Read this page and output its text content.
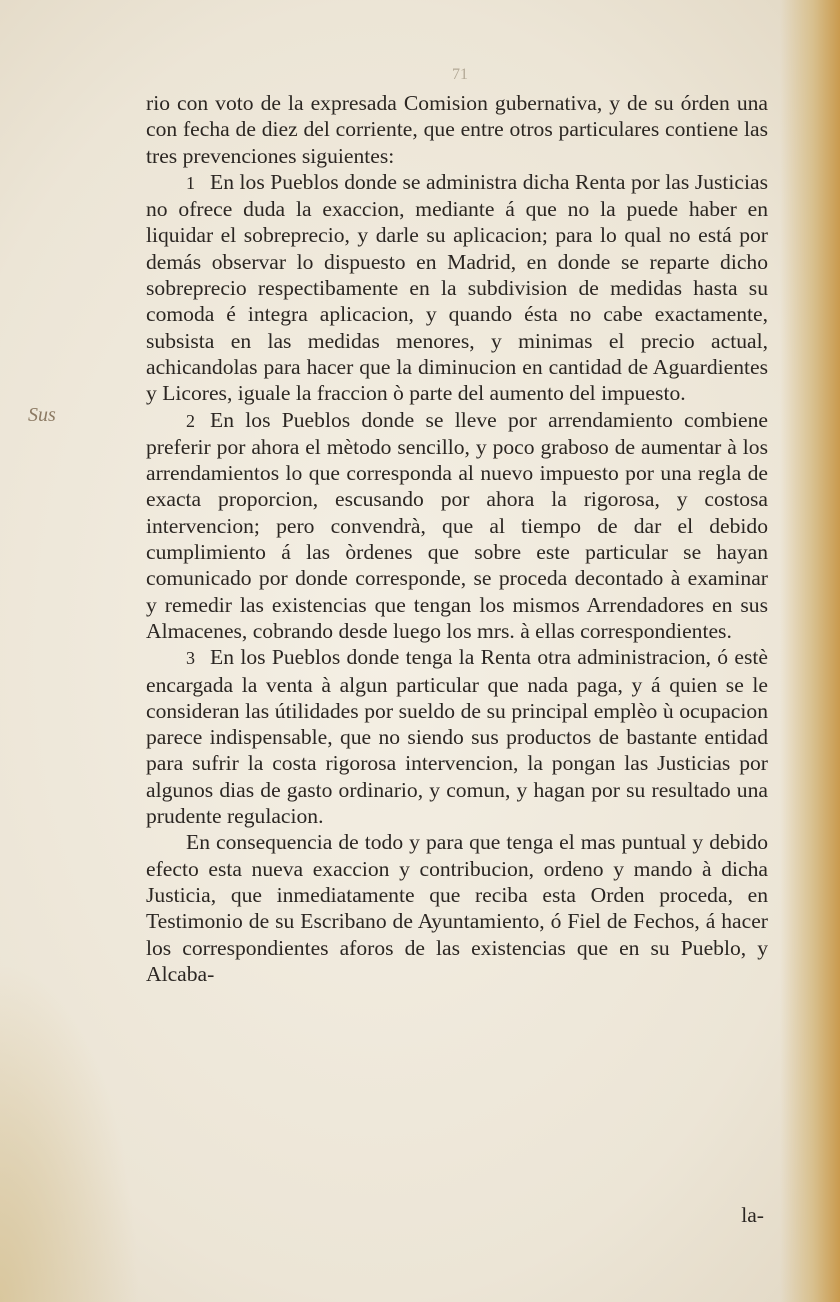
71
Sus

rio con voto de la expresada Comision gubernativa, y de su órden una con fecha de diez del corriente, que entre otros particulares contiene las tres prevenciones siguientes:

1 En los Pueblos donde se administra dicha Renta por las Justicias no ofrece duda la exaccion, mediante á que no la puede haber en liquidar el sobreprecio, y darle su aplicacion; para lo qual no está por demás observar lo dispuesto en Madrid, en donde se reparte dicho sobreprecio respectibamente en la subdivision de medidas hasta su comoda é integra aplicacion, y quando ésta no cabe exactamente, subsista en las medidas menores, y minimas el precio actual, achicandolas para hacer que la diminucion en cantidad de Aguardientes y Licores, iguale la fraccion ò parte del aumento del impuesto.

2 En los Pueblos donde se lleve por arrendamiento combiene preferir por ahora el mètodo sencillo, y poco graboso de aumentar à los arrendamientos lo que corresponda al nuevo impuesto por una regla de exacta proporcion, escusando por ahora la rigorosa, y costosa intervencion; pero convendrà, que al tiempo de dar el debido cumplimiento á las òrdenes que sobre este particular se hayan comunicado por donde corresponde, se proceda decontado à examinar y remedir las existencias que tengan los mismos Arrendadores en sus Almacenes, cobrando desde luego los mrs. à ellas correspondientes.

3 En los Pueblos donde tenga la Renta otra administracion, ó estè encargada la venta à algun particular que nada paga, y á quien se le consideran las útilidades por sueldo de su principal emplèo ù ocupacion parece indispensable, que no siendo sus productos de bastante entidad para sufrir la costa rigorosa intervencion, la pongan las Justicias por algunos dias de gasto ordinario, y comun, y hagan por su resultado una prudente regulacion.

En consequencia de todo y para que tenga el mas puntual y debido efecto esta nueva exaccion y contribucion, ordeno y mando à dicha Justicia, que inmediatamente que reciba esta Orden proceda, en Testimonio de su Escribano de Ayuntamiento, ó Fiel de Fechos, á hacer los correspondientes aforos de las existencias que en su Pueblo, y Alcaba-

la-
